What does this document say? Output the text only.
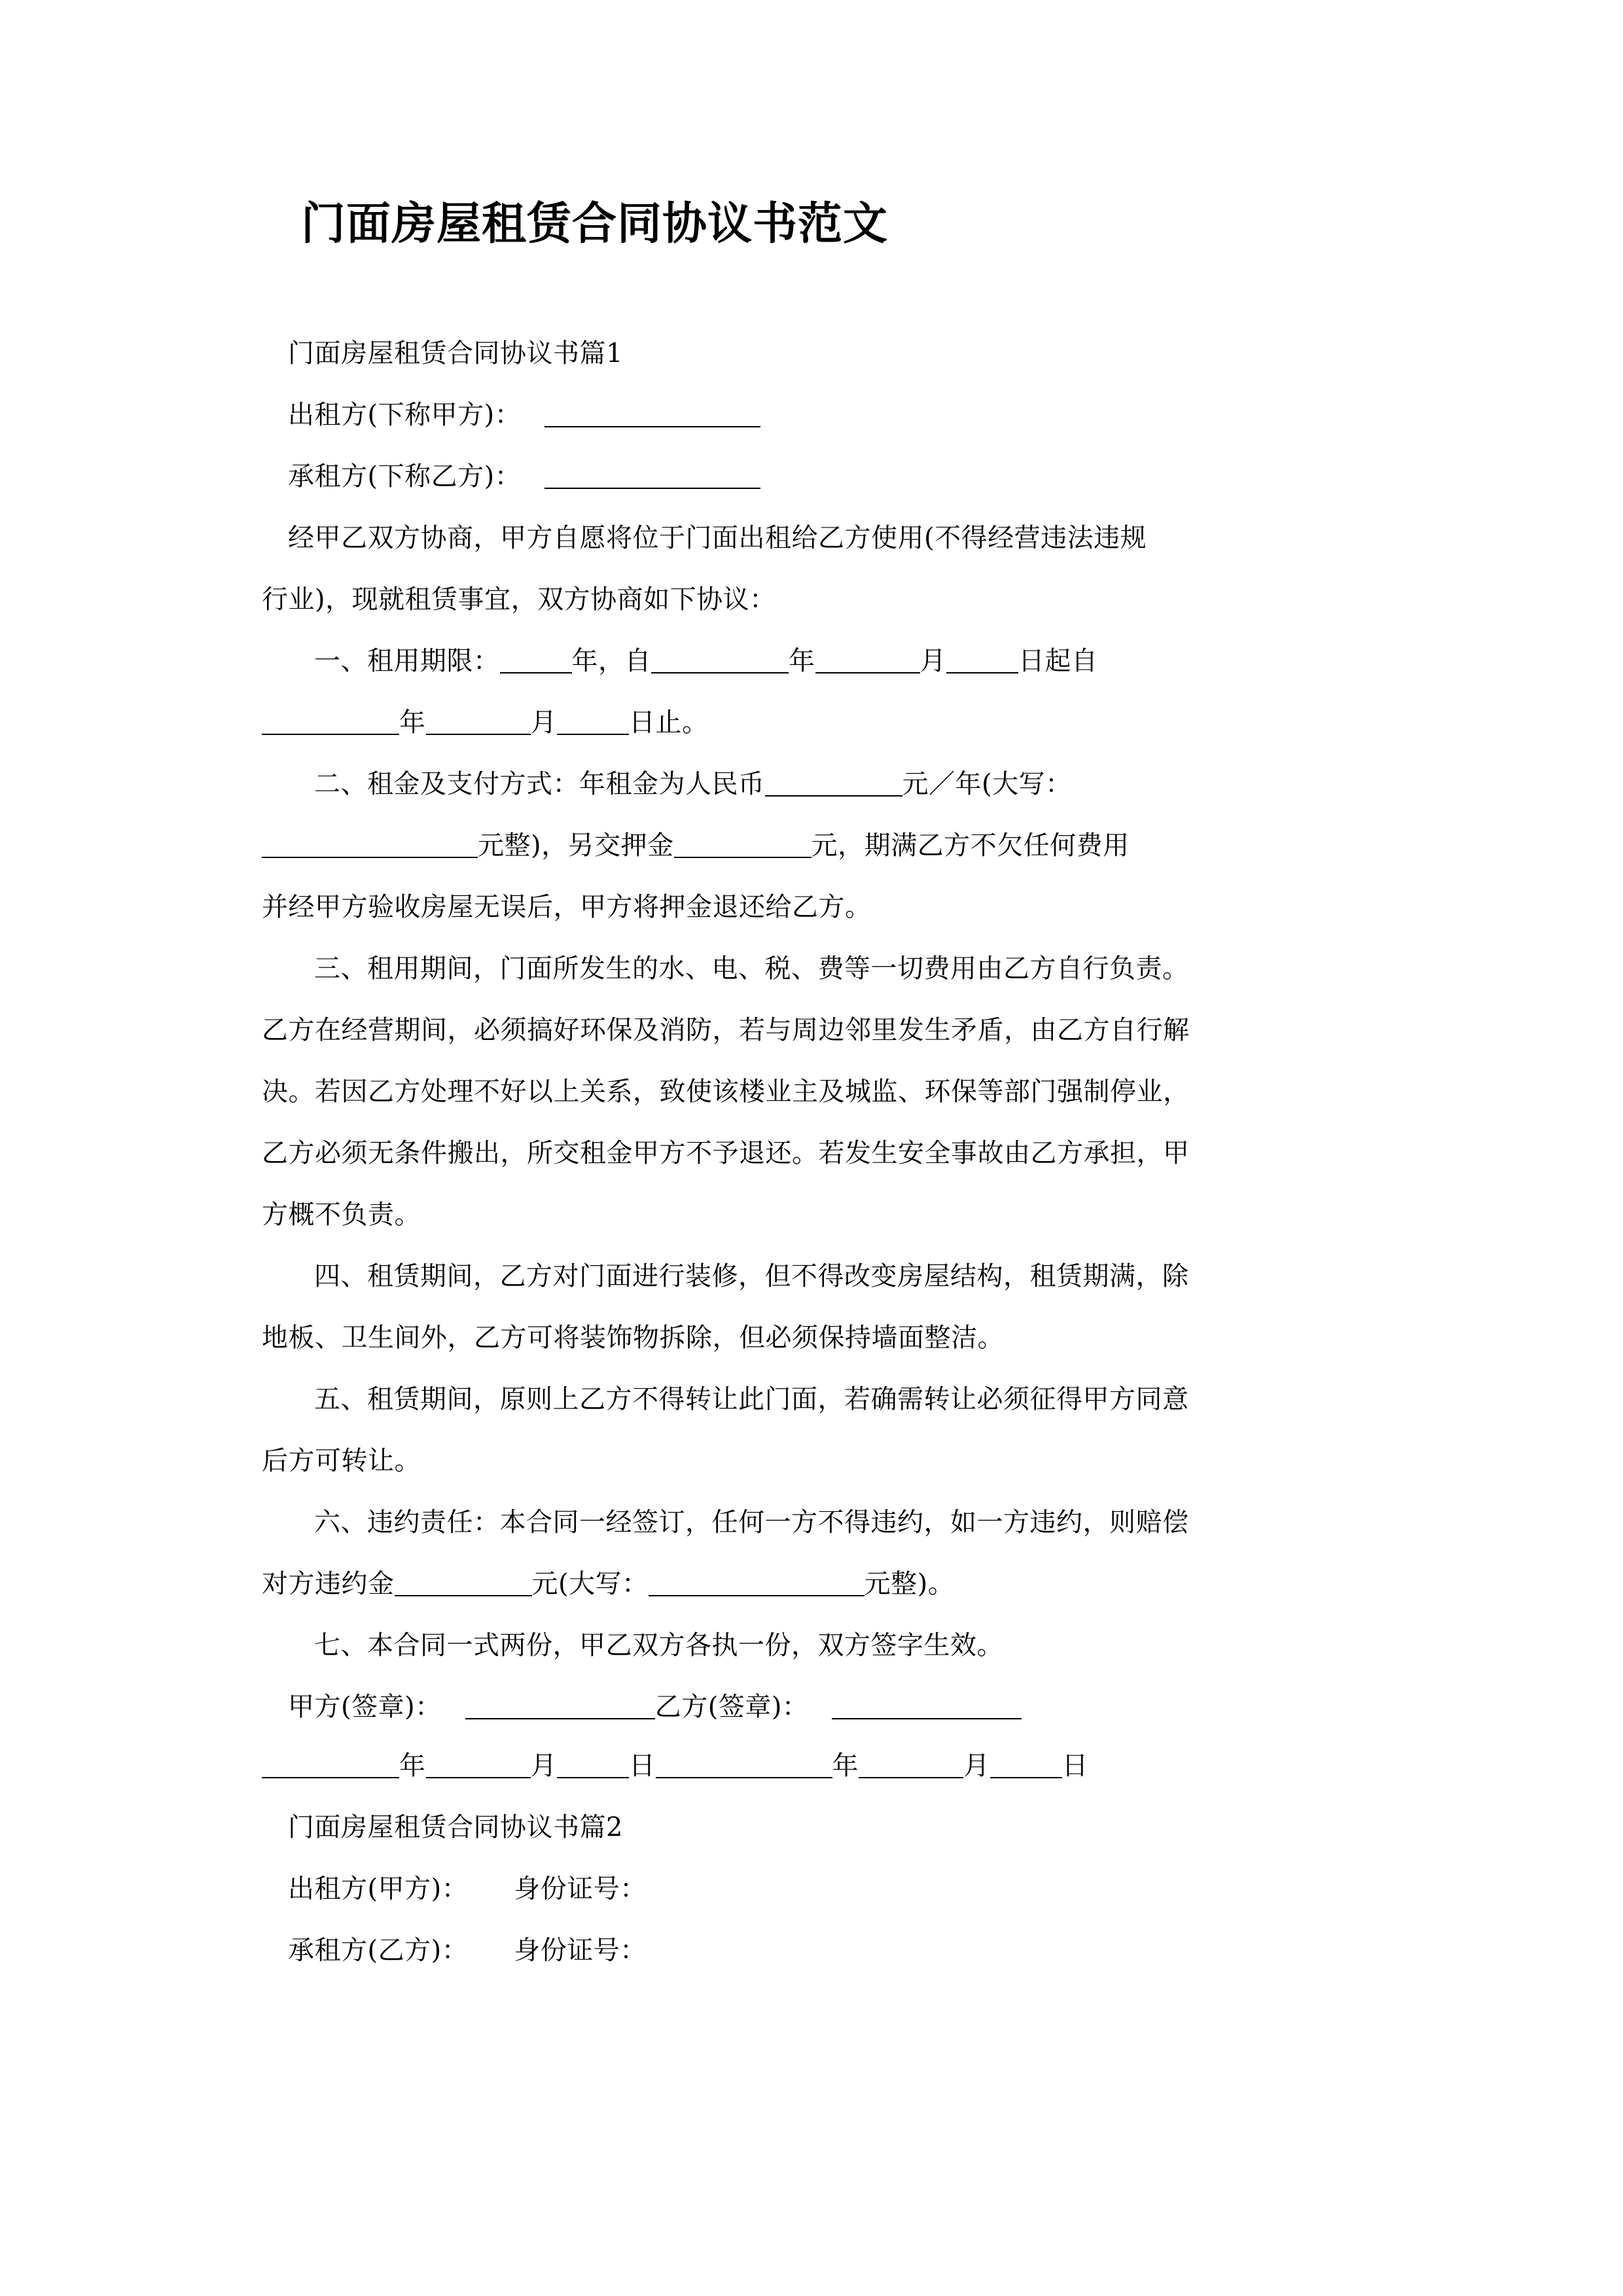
门面房屋租赁合同协议书范文

门面房屋租赁合同协议书篇1

出租方(下称甲方)：

承租方(下称乙方)：

经甲乙双方协商，甲方自愿将位于门面出租给乙方使用(不得经营违法违规

行业)，现就租赁事宜，双方协商如下协议：

一、租用期限：	年，自	年	月	日起自

年	月	日止。

二、租金及支付方式：年租金为人民币	元／年(大写：

元整)，另交押金	元，期满乙方不欠任何费用

并经甲方验收房屋无误后，甲方将押金退还给乙方。

三、租用期间，门面所发生的水、电、税、费等一切费用由乙方自行负责。

乙方在经营期间，必须搞好环保及消防，若与周边邻里发生矛盾，由乙方自行解

决。若因乙方处理不好以上关系，致使该楼业主及城监、环保等部门强制停业，

乙方必须无条件搬出，所交租金甲方不予退还。若发生安全事故由乙方承担，甲

方概不负责。

四、租赁期间，乙方对门面进行装修，但不得改变房屋结构，租赁期满，除

地板、卫生间外，乙方可将装饰物拆除，但必须保持墙面整洁。

五、租赁期间，原则上乙方不得转让此门面，若确需转让必须征得甲方同意

后方可转让。

六、违约责任：本合同一经签订，任何一方不得违约，如一方违约，则赔偿

对方违约金	元(大写：	元整)。

七、本合同一式两份，甲乙双方各执一份，双方签字生效。

甲方(签章)：	乙方(签章)：

年	月	日	年	月	日

门面房屋租赁合同协议书篇2

出租方(甲方)： 身份证号：

承租方(乙方)： 身份证号：
